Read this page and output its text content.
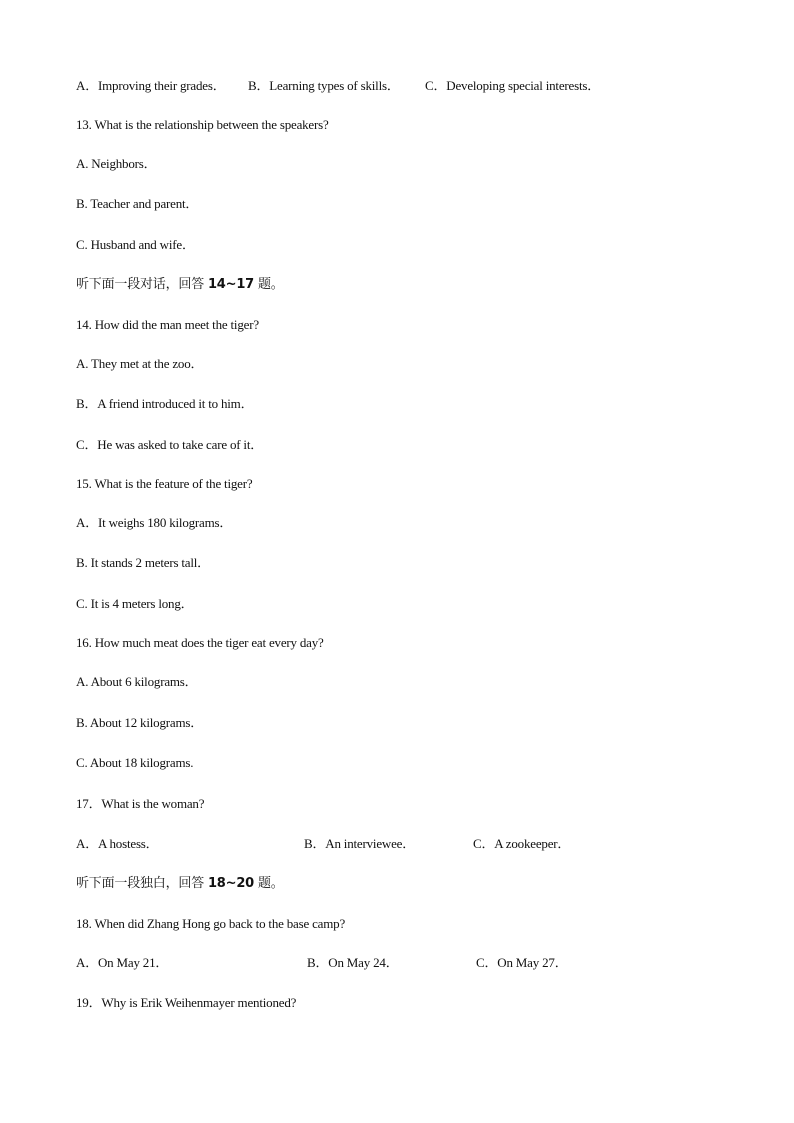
A．Improving their grades． B．Learning types of skills． C．Developing special interests．
13. What is the relationship between the speakers?
A. Neighbors．
B. Teacher and parent．
C. Husband and wife．
听下面一段对话，回答 14~17 题。
14. How did the man meet the tiger?
A. They met at the zoo．
B．A friend introduced it to him．
C．He was asked to take care of it．
15. What is the feature of the tiger?
A．It weighs 180 kilograms．
B. It stands 2 meters tall．
C. It is 4 meters long．
16. How much meat does the tiger eat every day?
A. About 6 kilograms．
B. About 12 kilograms．
C. About 18 kilograms.
17．What is the woman?
A．A hostess．	B．An interviewee．	C．A zookeeper．
听下面一段独白，回答 18~20 题。
18. When did Zhang Hong go back to the base camp?
A．On May 21．	B．On May 24．	C．On May 27．
19．Why is Erik Weihenmayer mentioned?
